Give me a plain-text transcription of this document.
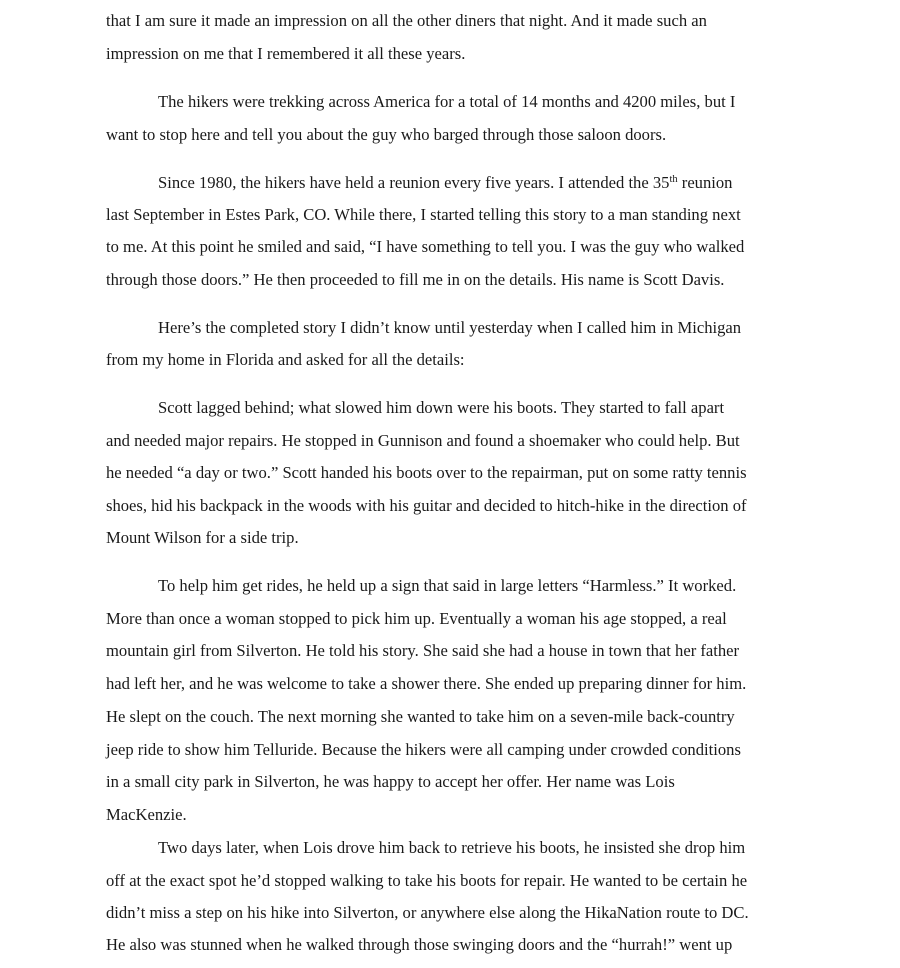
that I am sure it made an impression on all the other diners that night. And it made such an

impression on me that I remembered it all these years.

The hikers were trekking across America for a total of 14 months and 4200 miles, but I

want to stop here and tell you about the guy who barged through those saloon doors.

Since 1980, the hikers have held a reunion every five years. I attended the 35th reunion

last September in Estes Park, CO. While there, I started telling this story to a man standing next

to me. At this point he smiled and said, “I have something to tell you. I was the guy who walked

through those doors.” He then proceeded to fill me in on the details. His name is Scott Davis.

Here’s the completed story I didn’t know until yesterday when I called him in Michigan

from my home in Florida and asked for all the details:

Scott lagged behind; what slowed him down were his boots. They started to fall apart

and needed major repairs. He stopped in Gunnison and found a shoemaker who could help. But

he needed “a day or two.” Scott handed his boots over to the repairman, put on some ratty tennis

shoes, hid his backpack in the woods with his guitar and decided to hitch-hike in the direction of

Mount Wilson for a side trip.

To help him get rides, he held up a sign that said in large letters “Harmless.” It worked.

More than once a woman stopped to pick him up. Eventually a woman his age stopped, a real

mountain girl from Silverton. He told his story. She said she had a house in town that her father

had left her, and he was welcome to take a shower there. She ended up preparing dinner for him.

He slept on the couch. The next morning she wanted to take him on a seven-mile back-country

jeep ride to show him Telluride. Because the hikers were all camping under crowded conditions

in a small city park in Silverton, he was happy to accept her offer. Her name was Lois

MacKenzie.

Two days later, when Lois drove him back to retrieve his boots, he insisted she drop him

off at the exact spot he’d stopped walking to take his boots for repair. He wanted to be certain he

didn’t miss a step on his hike into Silverton, or anywhere else along the HikaNation route to DC.

He also was stunned when he walked through those swinging doors and the “hurrah!” went up
